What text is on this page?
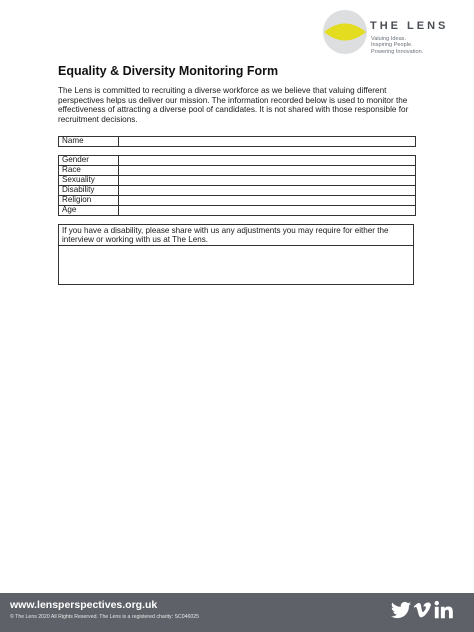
THE LENS
Valuing Ideas.
Inspiring People.
Powering Innovation.
Equality & Diversity Monitoring Form
The Lens is committed to recruiting a diverse workforce as we believe that valuing different perspectives helps us deliver our mission. The information recorded below is used to monitor the effectiveness of attracting a diverse pool of candidates. It is not shared with those responsible for recruitment decisions.
Name	
Gender	
Race	
Sexuality	
Disability	
Religion	
Age	
If you have a disability, please share with us any adjustments you may require for either the interview or working with us at The Lens.
www.lensperspectives.org.uk
© The Lens 2020 All Rights Reserved. The Lens is a registered charity: SC046025
